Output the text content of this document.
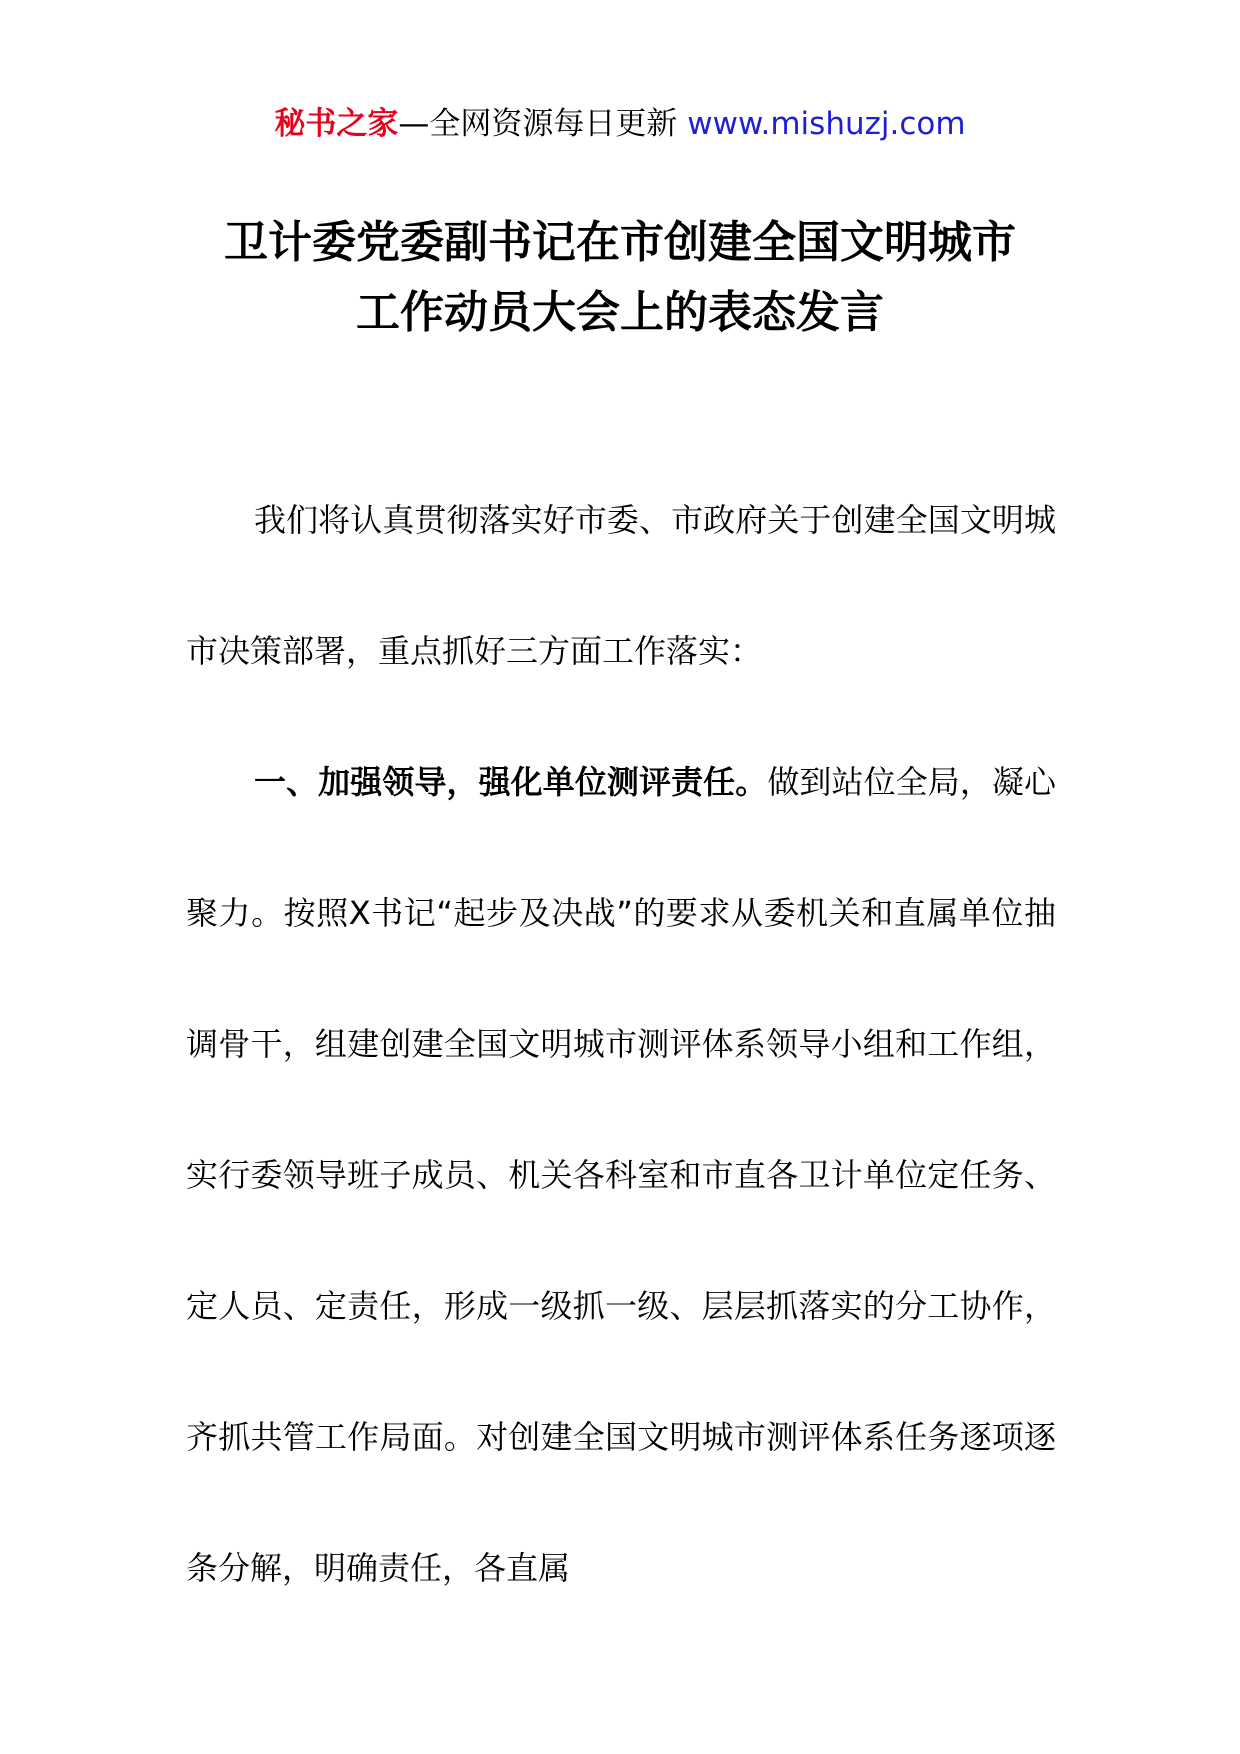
秘书之家—全网资源每日更新 www.mishuzj.com
卫计委党委副书记在市创建全国文明城市
工作动员大会上的表态发言

我们将认真贯彻落实好市委、市政府关于创建全国文明城市决策部署，重点抓好三方面工作落实：

一、加强领导，强化单位测评责任。做到站位全局，凝心聚力。按照X书记“起步及决战”的要求从委机关和直属单位抽调骨干，组建创建全国文明城市测评体系领导小组和工作组，实行委领导班子成员、机关各科室和市直各卫计单位定任务、定人员、定责任，形成一级抓一级、层层抓落实的分工协作，齐抓共管工作局面。对创建全国文明城市测评体系任务逐项逐条分解，明确责任，各直属
